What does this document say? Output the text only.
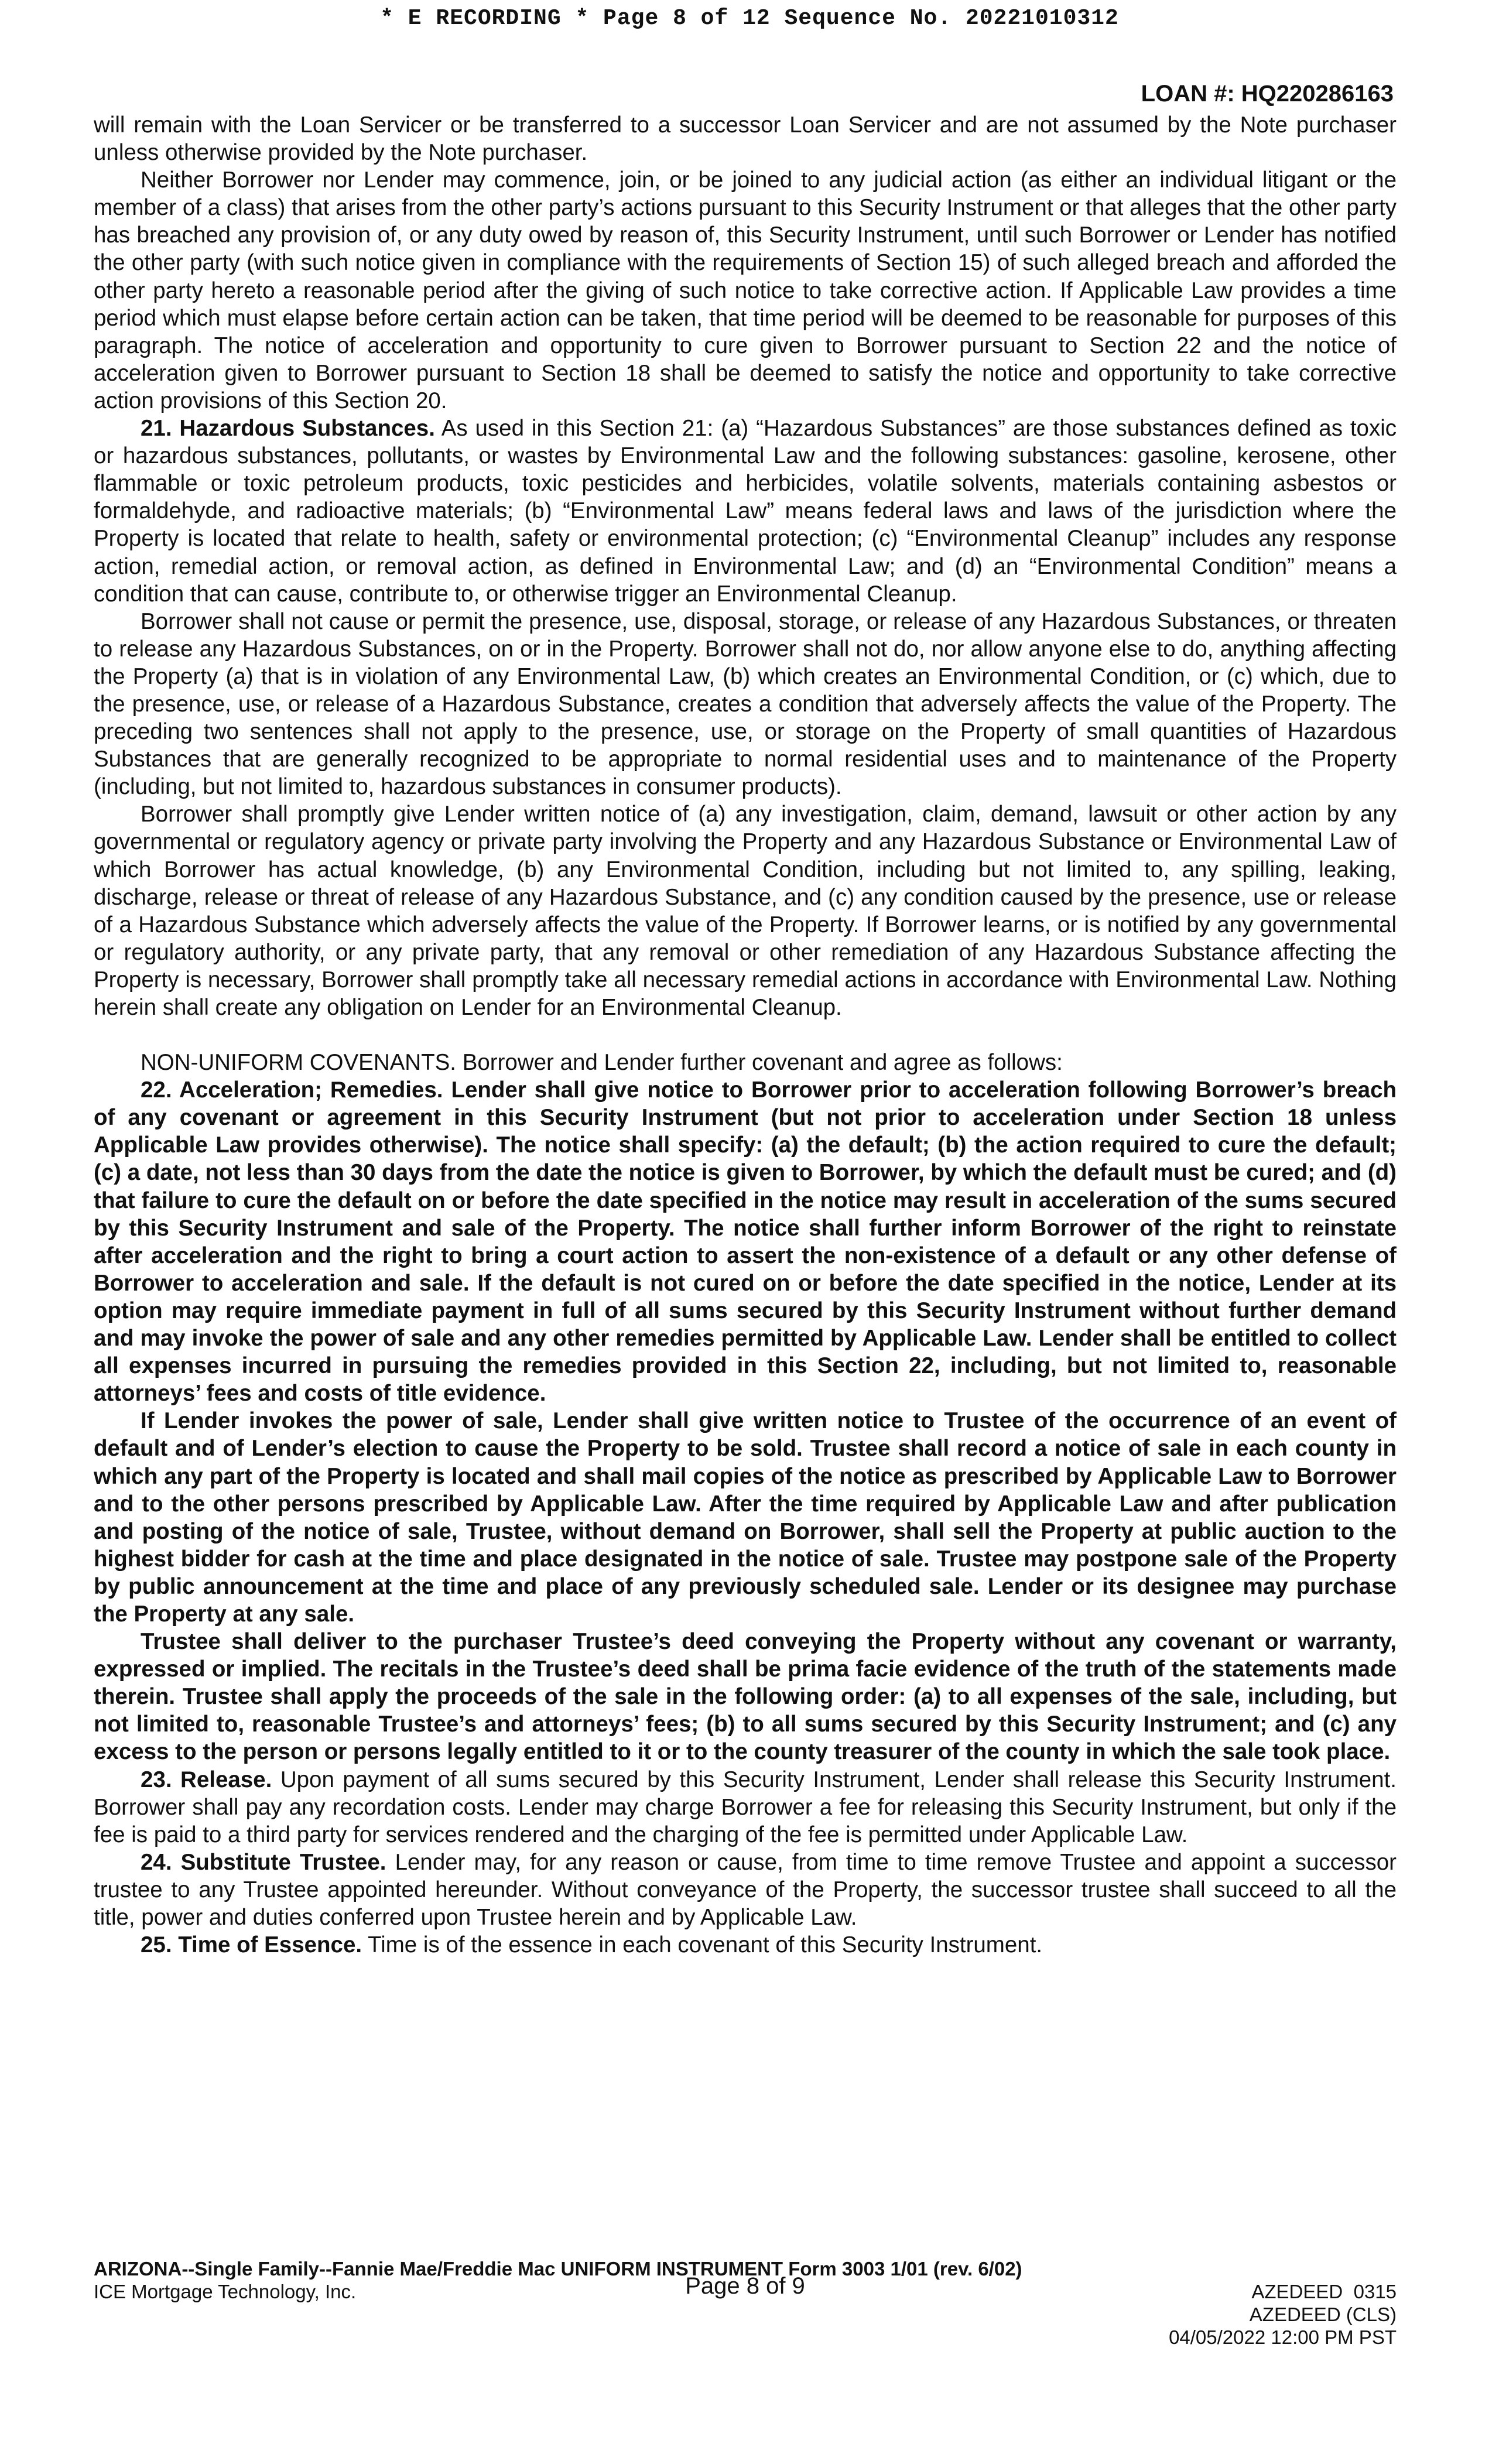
* E RECORDING * Page 8 of 12 Sequence No. 20221010312
LOAN #: HQ220286163

will remain with the Loan Servicer or be transferred to a successor Loan Servicer and are not assumed by the Note purchaser unless otherwise provided by the Note purchaser.

Neither Borrower nor Lender may commence, join, or be joined to any judicial action (as either an individual litigant or the member of a class) that arises from the other party’s actions pursuant to this Security Instrument or that alleges that the other party has breached any provision of, or any duty owed by reason of, this Security Instrument, until such Borrower or Lender has notified the other party (with such notice given in compliance with the requirements of Section 15) of such alleged breach and afforded the other party hereto a reasonable period after the giving of such notice to take corrective action. If Applicable Law provides a time period which must elapse before certain action can be taken, that time period will be deemed to be reasonable for purposes of this paragraph. The notice of acceleration and opportunity to cure given to Borrower pursuant to Section 22 and the notice of acceleration given to Borrower pursuant to Section 18 shall be deemed to satisfy the notice and opportunity to take corrective action provisions of this Section 20.

21. Hazardous Substances. As used in this Section 21: (a) “Hazardous Substances” are those substances defined as toxic or hazardous substances, pollutants, or wastes by Environmental Law and the following substances: gasoline, kerosene, other flammable or toxic petroleum products, toxic pesticides and herbicides, volatile solvents, materials containing asbestos or formaldehyde, and radioactive materials; (b) “Environmental Law” means federal laws and laws of the jurisdiction where the Property is located that relate to health, safety or environmental protection; (c) “Environmental Cleanup” includes any response action, remedial action, or removal action, as defined in Environmental Law; and (d) an “Environmental Condition” means a condition that can cause, contribute to, or otherwise trigger an Environmental Cleanup.

Borrower shall not cause or permit the presence, use, disposal, storage, or release of any Hazardous Substances, or threaten to release any Hazardous Substances, on or in the Property. Borrower shall not do, nor allow anyone else to do, anything affecting the Property (a) that is in violation of any Environmental Law, (b) which creates an Environmental Condition, or (c) which, due to the presence, use, or release of a Hazardous Substance, creates a condition that adversely affects the value of the Property. The preceding two sentences shall not apply to the presence, use, or storage on the Property of small quantities of Hazardous Substances that are generally recognized to be appropriate to normal residential uses and to maintenance of the Property (including, but not limited to, hazardous substances in consumer products).

Borrower shall promptly give Lender written notice of (a) any investigation, claim, demand, lawsuit or other action by any governmental or regulatory agency or private party involving the Property and any Hazardous Substance or Environmental Law of which Borrower has actual knowledge, (b) any Environmental Condition, including but not limited to, any spilling, leaking, discharge, release or threat of release of any Hazardous Substance, and (c) any condition caused by the presence, use or release of a Hazardous Substance which adversely affects the value of the Property. If Borrower learns, or is notified by any governmental or regulatory authority, or any private party, that any removal or other remediation of any Hazardous Substance affecting the Property is necessary, Borrower shall promptly take all necessary remedial actions in accordance with Environmental Law. Nothing herein shall create any obligation on Lender for an Environmental Cleanup.

NON-UNIFORM COVENANTS. Borrower and Lender further covenant and agree as follows:

22. Acceleration; Remedies. Lender shall give notice to Borrower prior to acceleration following Borrower’s breach of any covenant or agreement in this Security Instrument (but not prior to acceleration under Section 18 unless Applicable Law provides otherwise). The notice shall specify: (a) the default; (b) the action required to cure the default; (c) a date, not less than 30 days from the date the notice is given to Borrower, by which the default must be cured; and (d) that failure to cure the default on or before the date specified in the notice may result in acceleration of the sums secured by this Security Instrument and sale of the Property. The notice shall further inform Borrower of the right to reinstate after acceleration and the right to bring a court action to assert the non-existence of a default or any other defense of Borrower to acceleration and sale. If the default is not cured on or before the date specified in the notice, Lender at its option may require immediate payment in full of all sums secured by this Security Instrument without further demand and may invoke the power of sale and any other remedies permitted by Applicable Law. Lender shall be entitled to collect all expenses incurred in pursuing the remedies provided in this Section 22, including, but not limited to, reasonable attorneys’ fees and costs of title evidence.

If Lender invokes the power of sale, Lender shall give written notice to Trustee of the occurrence of an event of default and of Lender’s election to cause the Property to be sold. Trustee shall record a notice of sale in each county in which any part of the Property is located and shall mail copies of the notice as prescribed by Applicable Law to Borrower and to the other persons prescribed by Applicable Law. After the time required by Applicable Law and after publication and posting of the notice of sale, Trustee, without demand on Borrower, shall sell the Property at public auction to the highest bidder for cash at the time and place designated in the notice of sale. Trustee may postpone sale of the Property by public announcement at the time and place of any previously scheduled sale. Lender or its designee may purchase the Property at any sale.

Trustee shall deliver to the purchaser Trustee’s deed conveying the Property without any covenant or warranty, expressed or implied. The recitals in the Trustee’s deed shall be prima facie evidence of the truth of the statements made therein. Trustee shall apply the proceeds of the sale in the following order: (a) to all expenses of the sale, including, but not limited to, reasonable Trustee’s and attorneys’ fees; (b) to all sums secured by this Security Instrument; and (c) any excess to the person or persons legally entitled to it or to the county treasurer of the county in which the sale took place.

23. Release. Upon payment of all sums secured by this Security Instrument, Lender shall release this Security Instrument. Borrower shall pay any recordation costs. Lender may charge Borrower a fee for releasing this Security Instrument, but only if the fee is paid to a third party for services rendered and the charging of the fee is permitted under Applicable Law.

24. Substitute Trustee. Lender may, for any reason or cause, from time to time remove Trustee and appoint a successor trustee to any Trustee appointed hereunder. Without conveyance of the Property, the successor trustee shall succeed to all the title, power and duties conferred upon Trustee herein and by Applicable Law.

25. Time of Essence. Time is of the essence in each covenant of this Security Instrument.

ARIZONA--Single Family--Fannie Mae/Freddie Mac UNIFORM INSTRUMENT Form 3003 1/01 (rev. 6/02)
ICE Mortgage Technology, Inc.	Page 8 of 9	AZEDEED  0315
AZEDEED (CLS)
04/05/2022 12:00 PM PST
